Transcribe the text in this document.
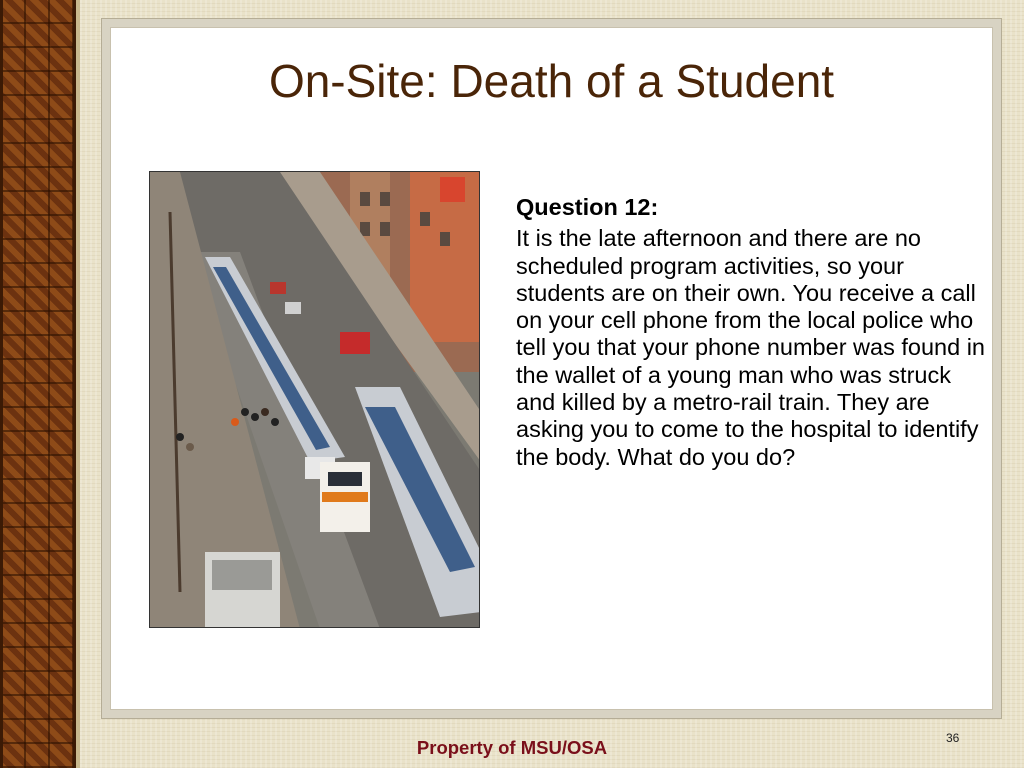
On-Site: Death of a Student

Question 12:

It is the late afternoon and there are no scheduled program activities, so your students are on their own. You receive a call on your cell phone from the local police who tell you that your phone number was found in the wallet of a young man who was struck and killed by a metro-rail train. They are asking you to come to the hospital to identify the body. What do you do?

36
Property of MSU/OSA
